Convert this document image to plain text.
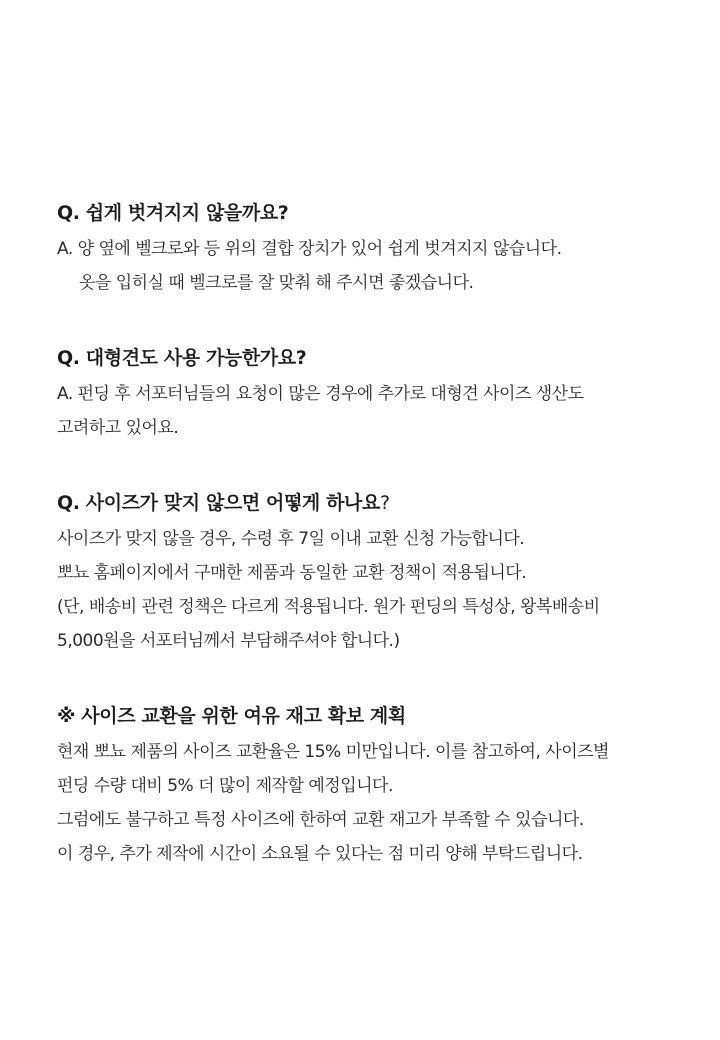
Q. 쉽게 벗겨지지 않을까요?
A. 양 옆에 벨크로와 등 위의 결합 장치가 있어 쉽게 벗겨지지 않습니다.
옷을 입히실 때 벨크로를 잘 맞춰 해 주시면 좋겠습니다.
Q. 대형견도 사용 가능한가요?
A. 펀딩 후 서포터님들의 요청이 많은 경우에 추가로 대형견 사이즈 생산도
고려하고 있어요.
Q. 사이즈가 맞지 않으면 어떻게 하나요?
사이즈가 맞지 않을 경우, 수령 후 7일 이내 교환 신청 가능합니다.
뽀뇨 홈페이지에서 구매한 제품과 동일한 교환 정책이 적용됩니다.
(단, 배송비 관련 정책은 다르게 적용됩니다. 원가 펀딩의 특성상, 왕복배송비
5,000원을 서포터님께서 부담해주셔야 합니다.)
※ 사이즈 교환을 위한 여유 재고 확보 계획
현재 뽀뇨 제품의 사이즈 교환율은 15% 미만입니다. 이를 참고하여, 사이즈별
펀딩 수량 대비 5% 더 많이 제작할 예정입니다.
그럼에도 불구하고 특정 사이즈에 한하여 교환 재고가 부족할 수 있습니다.
이 경우, 추가 제작에 시간이 소요될 수 있다는 점 미리 양해 부탁드립니다.
